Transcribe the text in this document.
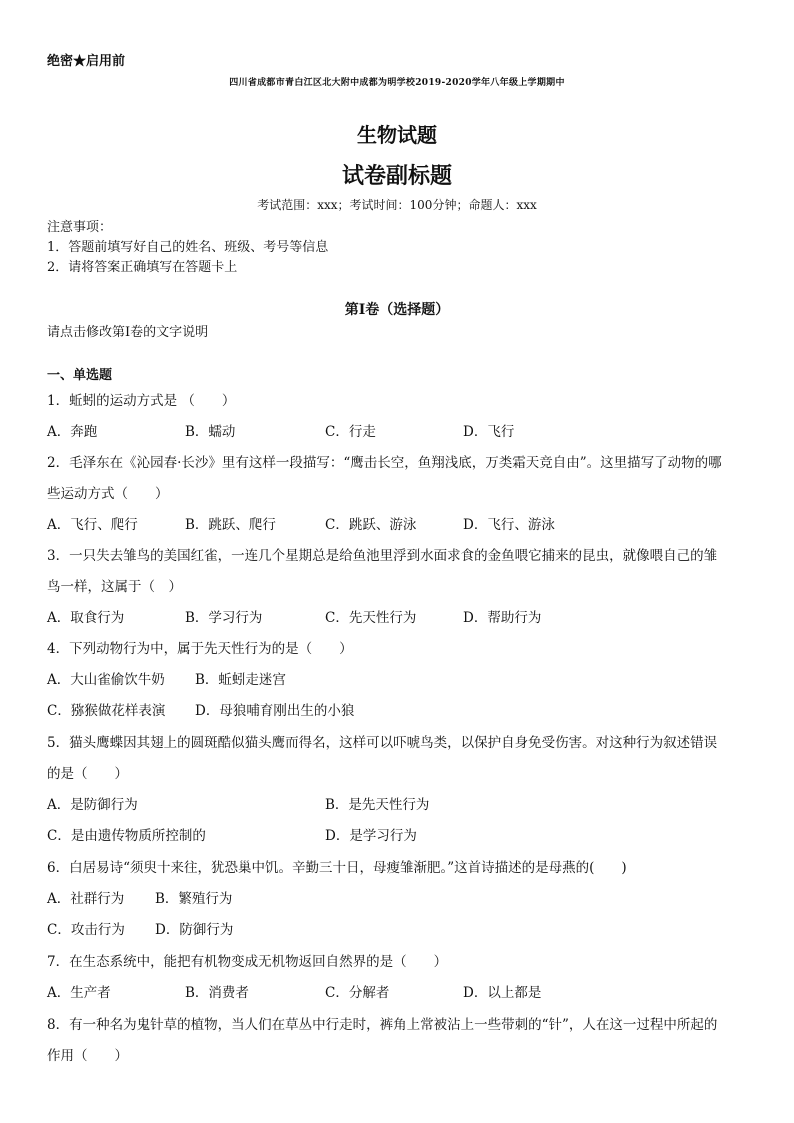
绝密★启用前
四川省成都市青白江区北大附中成都为明学校2019-2020学年八年级上学期期中
生物试题
试卷副标题
考试范围：xxx；考试时间：100分钟；命题人：xxx
注意事项：
1．答题前填写好自己的姓名、班级、考号等信息
2．请将答案正确填写在答题卡上
第I卷（选择题）
请点击修改第I卷的文字说明
一、单选题
1．蚯蚓的运动方式是 （　　）
A．奔跑	B．蠕动	C．行走	D．飞行
2．毛泽东在《沁园春·长沙》里有这样一段描写：“鹰击长空，鱼翔浅底，万类霜天竞自由”。这里描写了动物的哪
些运动方式（　　）
A．飞行、爬行	B．跳跃、爬行	C．跳跃、游泳	D．飞行、游泳
3．一只失去雏鸟的美国红雀，一连几个星期总是给鱼池里浮到水面求食的金鱼喂它捕来的昆虫，就像喂自己的雏
鸟一样，这属于（　）
A．取食行为	B．学习行为	C．先天性行为	D．帮助行为
4．下列动物行为中，属于先天性行为的是（　　）
A．大山雀偷饮牛奶 B．蚯蚓走迷宫
C．猕猴做花样表演 D．母狼哺育刚出生的小狼
5．猫头鹰蝶因其翅上的圆斑酷似猫头鹰而得名，这样可以吓唬鸟类，以保护自身免受伤害。对这种行为叙述错误
的是（　　）
A．是防御行为	B．是先天性行为
C．是由遗传物质所控制的	D．是学习行为
6．白居易诗“须臾十来往，犹恐巢中饥。辛勤三十日，母瘦雏渐肥。”这首诗描述的是母燕的(　　)
A．社群行为 B．繁殖行为
C．攻击行为 D．防御行为
7．在生态系统中，能把有机物变成无机物返回自然界的是（　　）
A．生产者	B．消费者	C．分解者	D．以上都是
8．有一种名为鬼针草的植物，当人们在草丛中行走时，裤角上常被沾上一些带刺的“针”，人在这一过程中所起的
作用（　　）
